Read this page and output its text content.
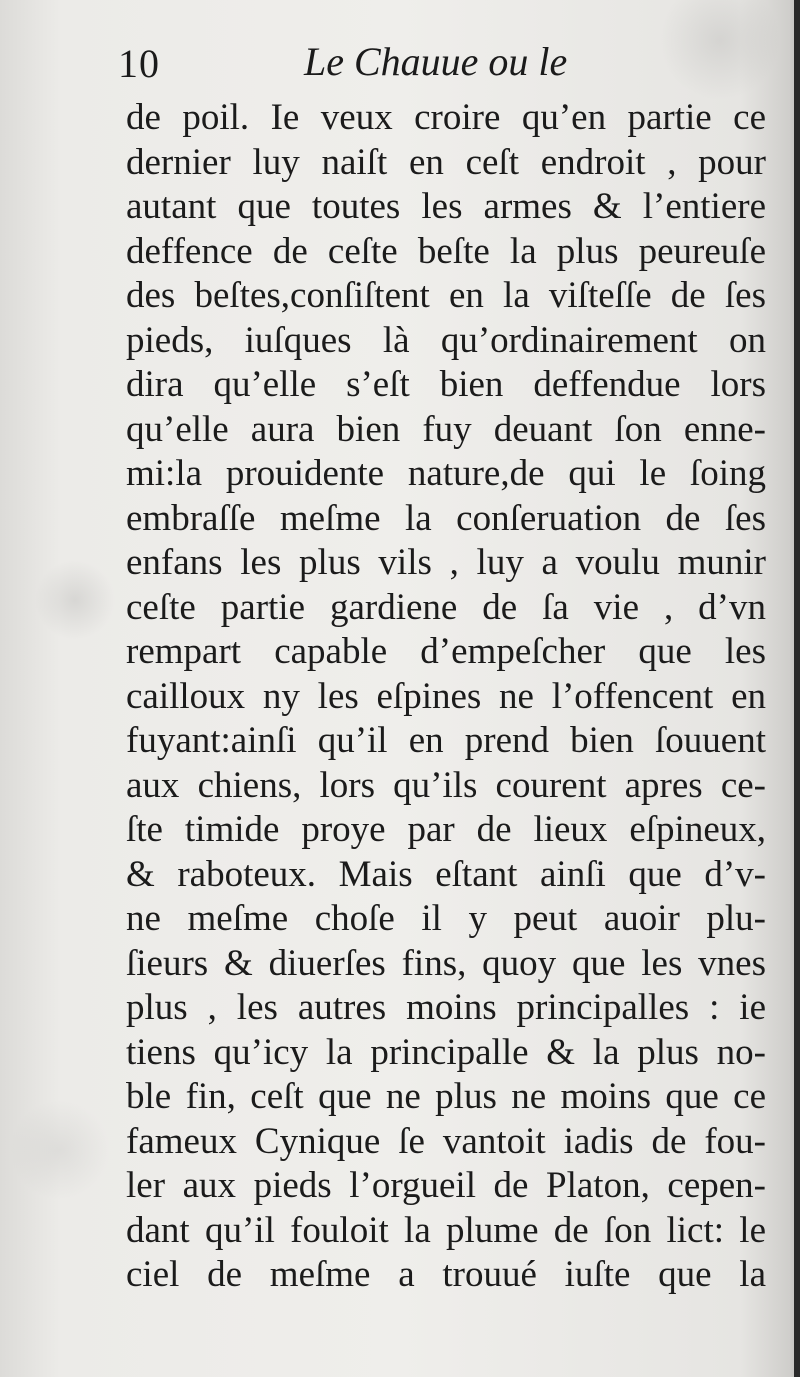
10	Le Chauue ou le
de poil. Ie veux croire qu’en partie ce
dernier luy naiſt en ceſt endroit , pour
autant que toutes les armes & l’entiere
deffence de ceſte beſte la plus peureuſe
des beſtes,conſiſtent en la viſteſſe de ſes
pieds, iuſques là qu’ordinairement on
dira qu’elle s’eſt bien deffendue lors
qu’elle aura bien fuy deuant ſon enne-
mi:la prouidente nature,de qui le ſoing
embraſſe meſme la conſeruation de ſes
enfans les plus vils , luy a voulu munir
ceſte partie gardiene de ſa vie , d’vn
rempart capable d’empeſcher que les
cailloux ny les eſpines ne l’offencent en
fuyant:ainſi qu’il en prend bien ſouuent
aux chiens, lors qu’ils courent apres ce-
ſte timide proye par de lieux eſpineux,
& raboteux. Mais eſtant ainſi que d’v-
ne meſme choſe il y peut auoir plu-
ſieurs & diuerſes fins, quoy que les vnes
plus , les autres moins principalles : ie
tiens qu’icy la principalle & la plus no-
ble fin, ceſt que ne plus ne moins que ce
fameux Cynique ſe vantoit iadis de fou-
ler aux pieds l’orgueil de Platon, cepen-
dant qu’il fouloit la plume de ſon lict: le
ciel de meſme a trouué iuſte que la
